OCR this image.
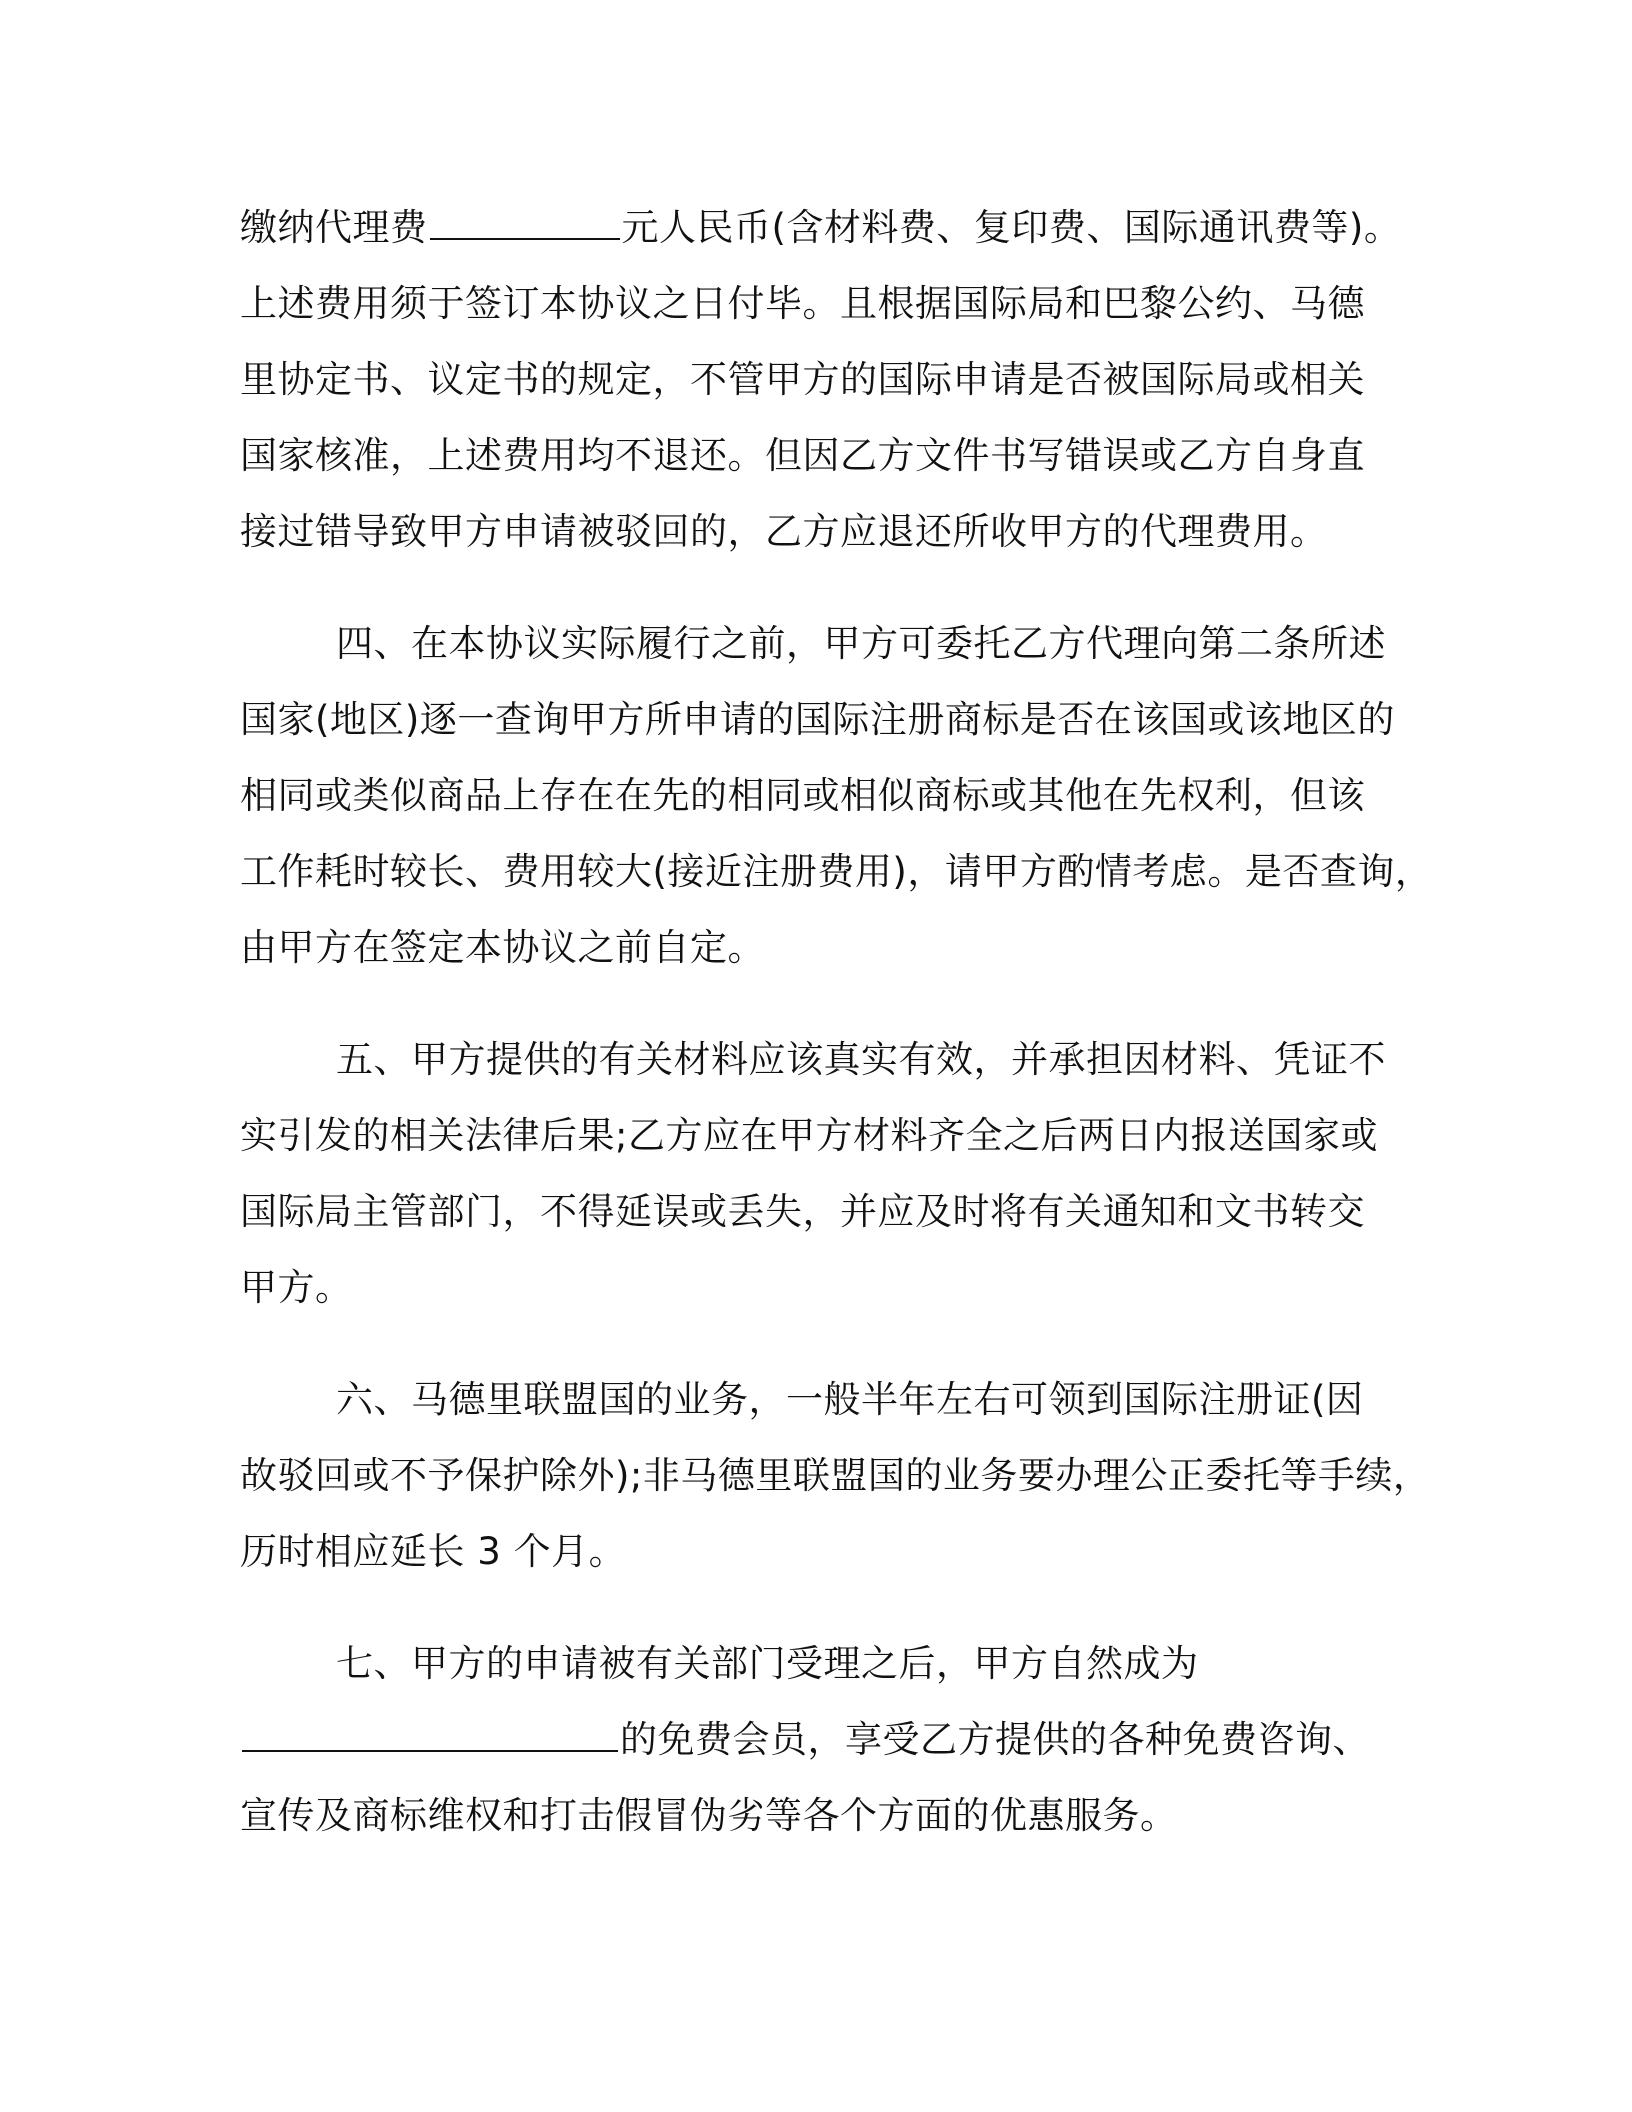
缴纳代理费	元人民币(含材料费、复印费、国际通讯费等)。
上述费用须于签订本协议之日付毕。且根据国际局和巴黎公约、马德
里协定书、议定书的规定，不管甲方的国际申请是否被国际局或相关
国家核准，上述费用均不退还。但因乙方文件书写错误或乙方自身直
接过错导致甲方申请被驳回的，乙方应退还所收甲方的代理费用。
四、在本协议实际履行之前，甲方可委托乙方代理向第二条所述
国家(地区)逐一查询甲方所申请的国际注册商标是否在该国或该地区的
相同或类似商品上存在在先的相同或相似商标或其他在先权利，但该
工作耗时较长、费用较大(接近注册费用)，请甲方酌情考虑。是否查询，
由甲方在签定本协议之前自定。
五、甲方提供的有关材料应该真实有效，并承担因材料、凭证不
实引发的相关法律后果;乙方应在甲方材料齐全之后两日内报送国家或
国际局主管部门，不得延误或丢失，并应及时将有关通知和文书转交
甲方。
六、马德里联盟国的业务，一般半年左右可领到国际注册证(因
故驳回或不予保护除外);非马德里联盟国的业务要办理公正委托等手续，
历时相应延长 3 个月。
七、甲方的申请被有关部门受理之后，甲方自然成为
的免费会员，享受乙方提供的各种免费咨询、
宣传及商标维权和打击假冒伪劣等各个方面的优惠服务。
